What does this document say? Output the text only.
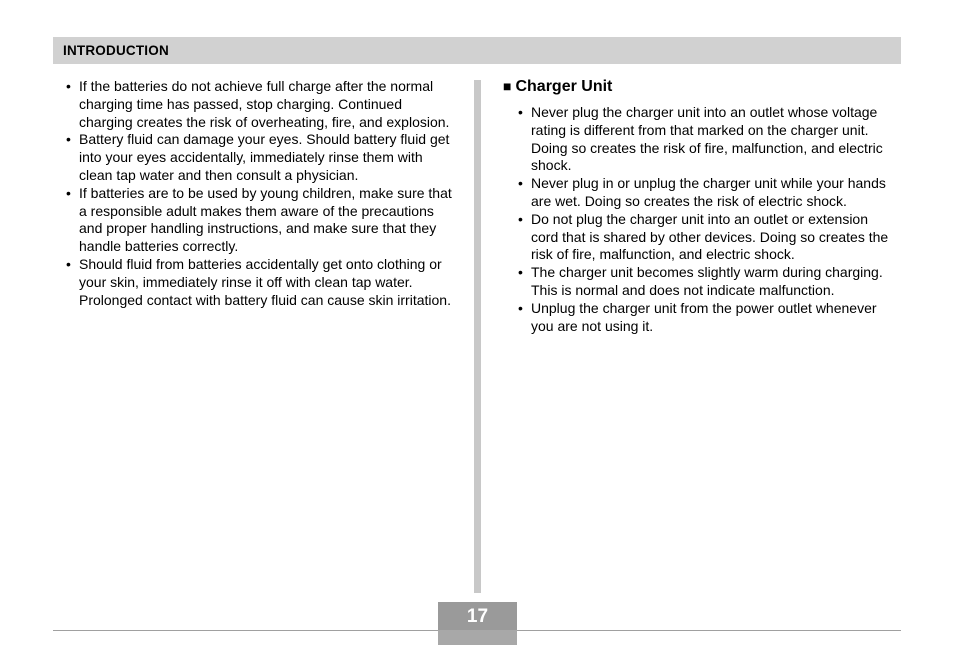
INTRODUCTION
• If the batteries do not achieve full charge after the normal charging time has passed, stop charging. Continued charging creates the risk of overheating, fire, and explosion.
• Battery fluid can damage your eyes. Should battery fluid get into your eyes accidentally, immediately rinse them with clean tap water and then consult a physician.
• If batteries are to be used by young children, make sure that a responsible adult makes them aware of the precautions and proper handling instructions, and make sure that they handle batteries correctly.
• Should fluid from batteries accidentally get onto clothing or your skin, immediately rinse it off with clean tap water. Prolonged contact with battery fluid can cause skin irritation.
■ Charger Unit
• Never plug the charger unit into an outlet whose voltage rating is different from that marked on the charger unit. Doing so creates the risk of fire, malfunction, and electric shock.
• Never plug in or unplug the charger unit while your hands are wet. Doing so creates the risk of electric shock.
• Do not plug the charger unit into an outlet or extension cord that is shared by other devices. Doing so creates the risk of fire, malfunction, and electric shock.
• The charger unit becomes slightly warm during charging. This is normal and does not indicate malfunction.
• Unplug the charger unit from the power outlet whenever you are not using it.
17
